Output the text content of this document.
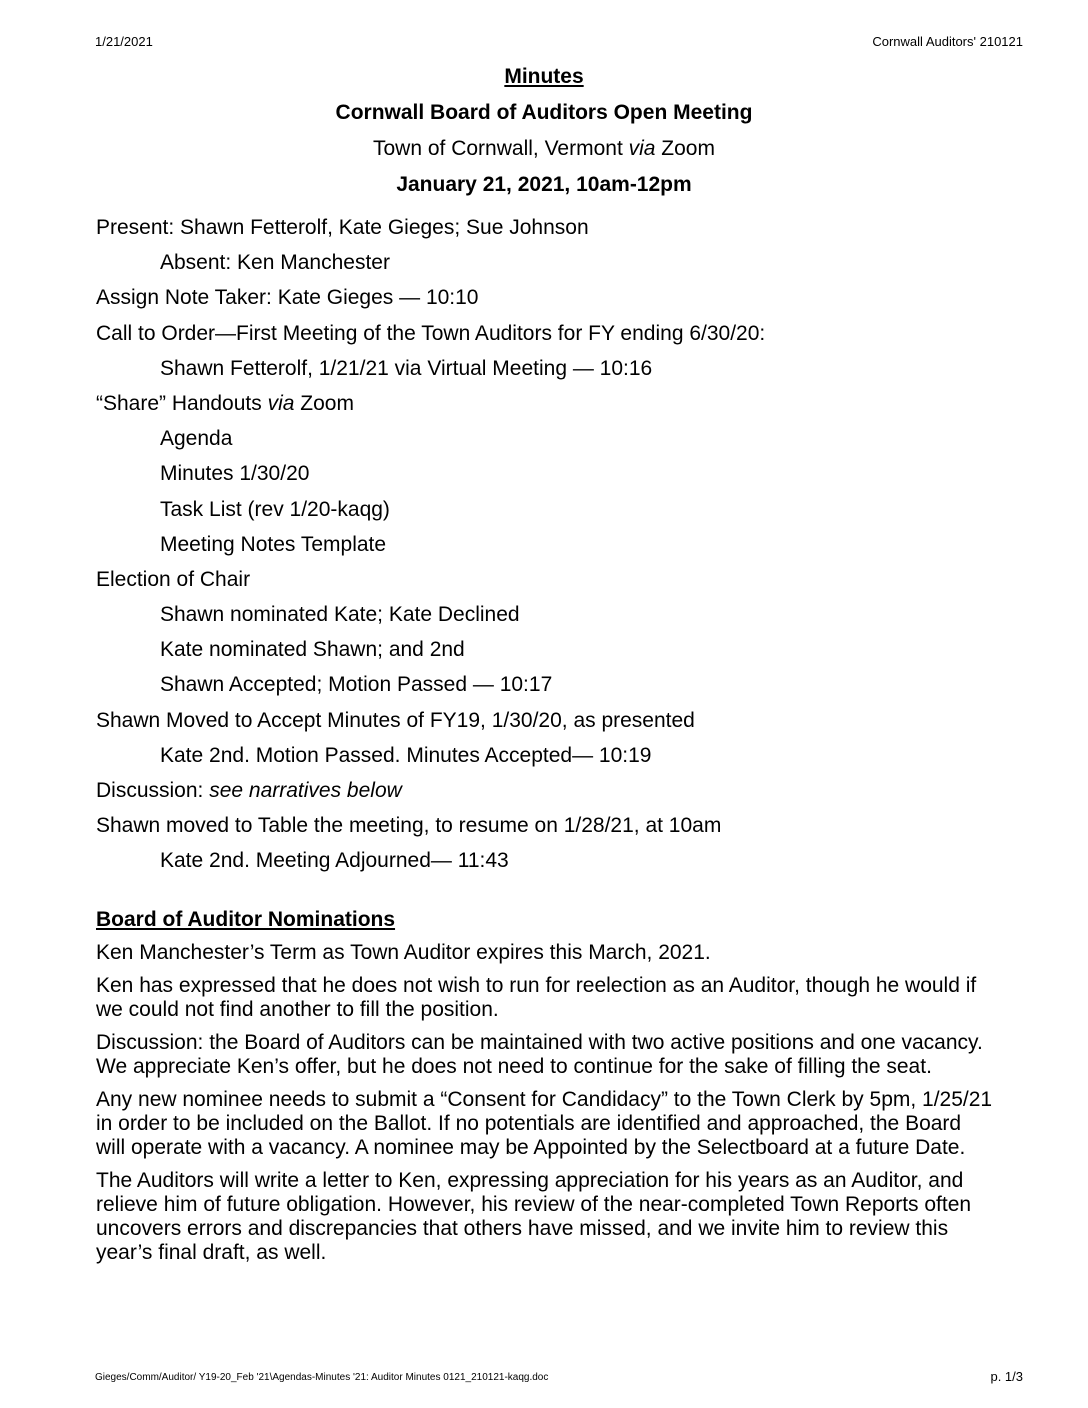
1/21/2021	Cornwall Auditors' 210121
Minutes
Cornwall Board of Auditors Open Meeting
Town of Cornwall, Vermont via Zoom
January 21, 2021, 10am-12pm
Present: Shawn Fetterolf, Kate Gieges; Sue Johnson
Absent: Ken Manchester
Assign Note Taker: Kate Gieges — 10:10
Call to Order—First Meeting of the Town Auditors for FY ending 6/30/20:
Shawn Fetterolf, 1/21/21 via Virtual Meeting — 10:16
“Share” Handouts via Zoom
Agenda
Minutes 1/30/20
Task List (rev 1/20-kaqg)
Meeting Notes Template
Election of Chair
Shawn nominated Kate; Kate Declined
Kate nominated Shawn; and 2nd
Shawn Accepted; Motion Passed — 10:17
Shawn Moved to Accept Minutes of FY19, 1/30/20, as presented
Kate 2nd. Motion Passed. Minutes Accepted— 10:19
Discussion: see narratives below
Shawn moved to Table the meeting, to resume on 1/28/21, at 10am
Kate 2nd. Meeting Adjourned— 11:43
Board of Auditor Nominations

Ken Manchester’s Term as Town Auditor expires this March, 2021.

Ken has expressed that he does not wish to run for reelection as an Auditor, though he would if we could not find another to fill the position.

Discussion: the Board of Auditors can be maintained with two active positions and one vacancy. We appreciate Ken’s offer, but he does not need to continue for the sake of filling the seat.

Any new nominee needs to submit a “Consent for Candidacy” to the Town Clerk by 5pm, 1/25/21 in order to be included on the Ballot. If no potentials are identified and approached, the Board will operate with a vacancy. A nominee may be Appointed by the Selectboard at a future Date.

The Auditors will write a letter to Ken, expressing appreciation for his years as an Auditor, and relieve him of future obligation. However, his review of the near-completed Town Reports often uncovers errors and discrepancies that others have missed, and we invite him to review this year’s final draft, as well.

Gieges/Comm/Auditor/ Y19-20_Feb '21\Agendas-Minutes '21: Auditor Minutes 0121_210121-kaqg.doc	p. 1/3
